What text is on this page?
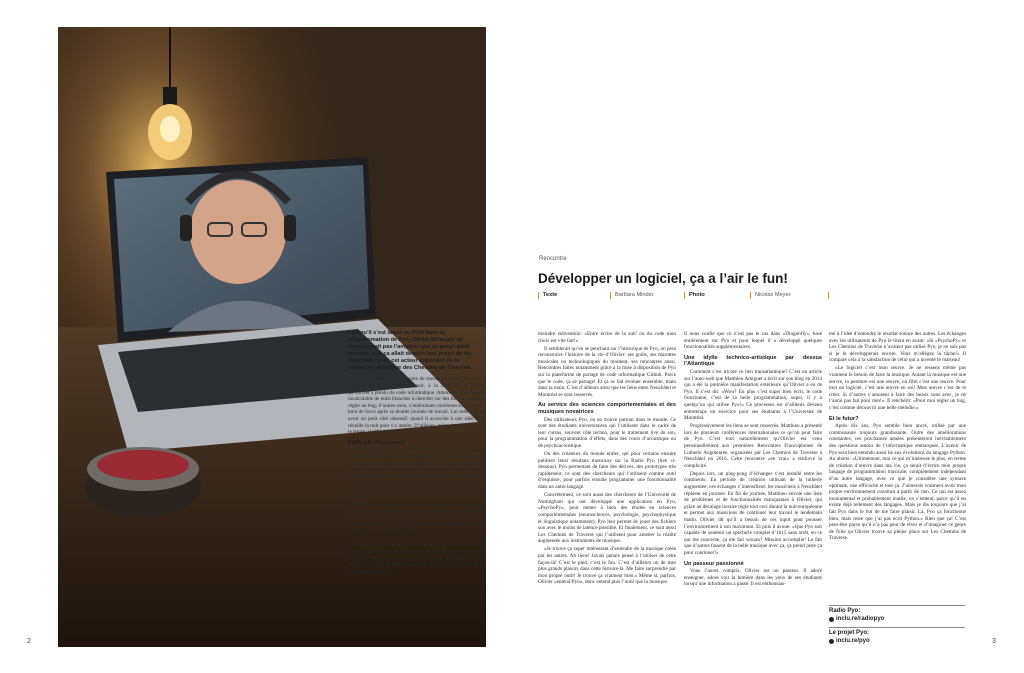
Lorsqu’il s’est lancé en 2010 dans la programmation de Pyo, Olivier Bélanger ne soupçonnait pas l’ampleur que ce projet allait prendre, que ça allait devenir son projet de vie. Rencontre avec cet acteur important de la démarche artistique des Chemins de Traverse.

C’est en dehors de ses heures de travail de chargé de cours à l’Université de Montréal, le soir, à la table de sa cuisine qu’Olivier a pondu du code informatique. Amoncelant un nombre incalculable de nuits blanches à chercher sur des forums comment régler un bug; d’autres soirs, s’endormant carrément sur la table, à bout de force après sa double journée de travail. Lui-même avoue avoir un petit côté obsessif: quand il accroche à une idée, il se réveille la nuit pour s’y atteler. D’ailleurs, même lorsqu’il n’a pas le temps, il réfléchit quand même à Pyo!

Paille oh, dites-vous?

Sous la direction de Jean Piché, compositeur électroacoustique, Olivier a programmé une application autour du son et du traitement du signal pour le projet OLPC, «One Laptop Per Child», un ordinateur par enfant, développé par le MIT. Une fois ce projet terminé, il restait des idées à concrétiser et une terrible envie de continuer cette voie: «Au début, j’ai juste mon tableau au moins cinq fois pour essayer une direction complètement nouvelle.»

C’est par tâtonnements, en toute persévérance, qu’Olivier conçoit un module audio basé sur le langage de programmation généraliste Python. Dans les faits, il a modelé un jeu de blocs de construction: grâce à Pyo, chacun peut agencer ces «blocs informatiques» selon ses besoins.

Sans être un control freak, Pyo c’est son bébé! Le code est cohérent, écrit d’une seule manière; ce sont ses décisions qui priment, pas besoin de convoquer un comité quand il a envie d’apporter une modification. C’est un projet indépendant autour duquel il n’a jamais formé de groupe de recherche et pour lequel il n’a jamais perçu la

2
Rencontre
Développer un logiciel, ça a l’air le fun!
Texte	Barbara Minder	Photo	Nicolas Meyer

moindre subvention: «Entre écrire de la sub’ ou du code mon choix est vite fait!»

Il semblerait qu’en se penchant sur l’historique de Pyo, on peut reconstruire l’histoire de la vie d’Olivier: ses goûts, ses marottes musicales ou technologiques du moment, ses rencontres aussi. Rencontres faites notamment grâce à la mise à disposition de Pyo sur la plateforme de partage de code informatique Github. Parce que le code, ça se partage! Et ça se fait évoluer ensemble, main dans la main. C’est d’ailleurs ainsi que les liens entre Neuchâtel et Montréal se sont resserrés.

Au service des sciences comportementales et des musiques novatrices

Des utilisateurs Pyo, on en trouve partout dans le monde. Ce sont des étudiants universitaires qui l’utilisent dans le cadre de leur cursus, souvent côté techno, pour le traitement live du son, pour la programmation d’effets, dans des cours d’acoustique ou de psychoacoustique.

Ou des créateurs du monde entier, qui pour certains ensuite publient leurs résultats musicaux sur la Radio Pyo (lien ci-dessous). Pyo permettant de faire des dérivés, des prototypes très rapidement, ce sont des chercheurs qui l’utilisent comme outil d’esquisse, pour parfois ensuite programmer une fonctionnalité dans un autre langage.

Concrètement, ce sont aussi des chercheurs de l’Université de Nottingham qui ont développé une application en Pyo, «PsychoPy», pour mener à bien des études en sciences comportementales (neurosciences, psychologie, psychophysique et linguistique notamment). Pyo leur permet de jouer des fichiers son avec le moins de latence possible. Et finalement, ce sont aussi Les Chemins de Traverse qui l’utilisent pour amener la réalité augmentée aux instruments de musique.

«Je trouve ça super intéressant d’entendre de la musique créée par les autres. Ah tiens! Javais jamais pensé à l’utiliser de cette façon-là! C’est le pied, c’est le fun. C’est d’ailleurs un de mes plus grands plaisirs dans cette histoire-là. Me faire surprendre par mon propre outil! Je trouve ça vraiment bien.» Même si, parfois, Olivier «entend Pyo», donc entend plus l’outil que la musique.

Il nous confie que ce n’est pas le cas dans «Dragonfly», basé entièrement sur Pyo et pour lequel il a développé quelques fonctionnalités supplémentaires.

Une idylle technico-artistique par dessus l’Atlantique

Comment s’est tricoté ce lien transatlantique? C’est un article sur l’auto-web que Matthieu Amiguet a écrit sur son blog en 2014 qui a été la première manifestation extérieure qu’Olivier a eu de Pyo. Il s’est dit: «Wow! En plus c’est super bien écrit, le code fonctionne, c’est de la belle programmation, super, il y a quelqu’un qui utilise Pyo!» Ce processus est d’ailleurs devenu entretemps un exercice pour ses étudiants à l’Université de Montréal.

Progressivement les liens se sont resserrés. Matthieu a présenté lors de plusieurs conférences internationales ce qu’on peut faire de Pyo. C’est tout naturellement qu’Olivier est venu personnellement aux premières Rencontres Francophones de Lutherie Augmentée, organisées par Les Chemins de Traverse à Neuchâtel en 2016. Cette rencontre «en vrai» a renforcé la complicité.

Depuis lors, un ping-pong d’échanges s’est installé entre les continents. En période de création utilisant de la lutherie augmentée, ces échanges s’intensifient: les musiciens à Neuchâtel répètent en journée. En fin de journée, Matthieu envoie une liste de problèmes et de fonctionnalités manquantes à Olivier, qui grâce au décalage horaire règle tout ceci durant la nuit européenne et permet aux musiciens de continuer leur travail le lendemain matin. Olivier dit qu’il a besoin de ces input pour pousser l’environnement à son maximum. Et puis il avoue: «Que Pyo soit capable de soutenir un spectacle complet d’1h15 sans arrêt, en ce qui me concerne, ça me fait wouaw! Mission accomplie! Le fait que d’autres fassent de la belle musique avec ça, ça prend juste ça pour continuer!»

Un passeur passionné

Vous l’aurez compris, Olivier est un passeur. Il adore enseigner, adore voir la lumière dans les yeux de ses étudiants lorsqu’une information a passé. Il est enthousias-

mé à l’idée d’entendre le résultat sonore des autres. Les échanges avec les utilisateurs de Pyo le tirent en avant: «Si «PsychoPy» et Les Chemins de Traverse n’avaient pas utilisé Pyo, je ne sais pas si je le développerais encore. Vous m’allégez la tâche!» Il compare cela à la satisfaction de celui qui a inventé le marteau!

«Le logiciel c’est mon œuvre. Je ne ressens même pas vraiment le besoin de faire la musique. Autant la musique est une œuvre, la peinture est une œuvre, un film c’est une œuvre. Pour moi un logiciel, c’est une œuvre en soi! Mon œuvre c’est de le créer. Si d’autres s’amusent à faire des beaux sons avec, je ne l’aurai pas fait pour rien!». Il renchérit: «Pour moi régler un bug, c’est comme découvrir une belle mélodie.»

Et le futur?

Après dix ans, Pyo semble bien ancré, utilisé par une communauté toujours grandissante. Outre des améliorations constantes, ces prochaines années présenteront inévitablement des questions autour de l’informatique embarquée. L’avenir de Pyo sera bien entendu aussi lié aux évolutions du langage Python. Au aborts: «Ultimement, moi ce qui m’intéresse le plus, en terme de création d’œuvre dans ma vie, ça serait d’écrire mon propre langage de programmation musicale, complètement indépendant d’un autre langage, avec ce que je considère une syntaxe optimale, une efficacité et tout ça. J’aimerais vraiment avoir mon propre environnement construit à partir de rien. Ce qui est assez monumental et probablement inutile, on s’entend, parce qu’il en existe déjà tellement des langages. Mais je dis toujours que j’ai fait Pyo dans le but de me faire plaisir. Là, Pyo ça fonctionne bien, mais reste que j’ai pas écrit Python.» Rien que ça! C’est peut-être parce qu’il n’a pas peur de rêver et d’imaginer ce genre de folie qu’Olivier trouve sa pleine place sur Les Chemins de Traverse.

Radio Pyo:
inclu.re/radiopyo
Le projet Pyo:
inclu.re/pyo	3
